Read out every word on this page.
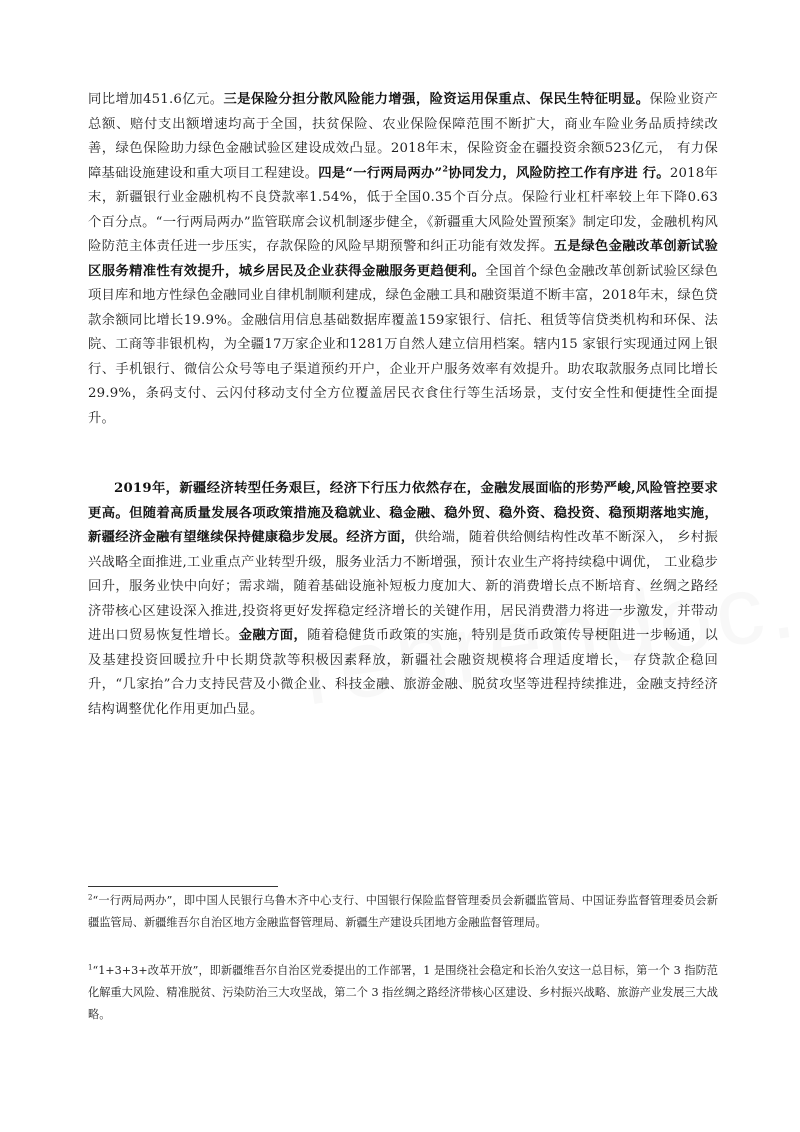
同比增加451.6亿元。三是保险分担分散风险能力增强，险资运用保重点、保民生特征明显。保险业资产总额、赔付支出额增速均高于全国，扶贫保险、农业保险保障范围不断扩大，商业车险业务品质持续改善，绿色保险助力绿色金融试验区建设成效凸显。2018年末，保险资金在疆投资余额523亿元， 有力保障基础设施建设和重大项目工程建设。四是“一行两局两办”$^2$协同发力，风险防控工作有序进 行。2018年末，新疆银行业金融机构不良贷款率1.54%，低于全国0.35个百分点。保险行业杠杆率较上年下降0.63个百分点。“一行两局两办”监管联席会议机制逐步健全，《新疆重大风险处置预案》制定印发，金融机构风险防范主体责任进一步压实，存款保险的风险早期预警和纠正功能有效发挥。五是绿色金融改革创新试验区服务精准性有效提升，城乡居民及企业获得金融服务更趋便利。全国首个绿色金融改革创新试验区绿色项目库和地方性绿色金融同业自律机制顺利建成，绿色金融工具和融资渠道不断丰富，2018年末，绿色贷款余额同比增长19.9%。金融信用信息基础数据库覆盖159家银行、信托、租赁等信贷类机构和环保、法院、工商等非银机构，为全疆17万家企业和1281万自然人建立信用档案。辖内15 家银行实现通过网上银行、手机银行、微信公众号等电子渠道预约开户，企业开户服务效率有效提升。助农取款服务点同比增长29.9%，条码支付、云闪付移动支付全方位覆盖居民衣食住行等生活场景，支付安全性和便捷性全面提升。

2019年，新疆经济转型任务艰巨，经济下行压力依然存在，金融发展面临的形势严峻,风险管控要求更高。但随着高质量发展各项政策措施及稳就业、稳金融、稳外贸、稳外资、稳投资、稳预期落地实施，新疆经济金融有望继续保持健康稳步发展。经济方面，供给端，随着供给侧结构性改革不断深入， 乡村振兴战略全面推进,工业重点产业转型升级，服务业活力不断增强，预计农业生产将持续稳中调优， 工业稳步回升，服务业快中向好；需求端，随着基础设施补短板力度加大、新的消费增长点不断培育、丝绸之路经济带核心区建设深入推进,投资将更好发挥稳定经济增长的关键作用，居民消费潜力将进一步激发，并带动进出口贸易恢复性增长。金融方面，随着稳健货币政策的实施，特别是货币政策传导梗阻进一步畅通，以及基建投资回暖拉升中长期贷款等积极因素释放，新疆社会融资规模将合理适度增长， 存贷款企稳回升，“几家抬”合力支持民营及小微企业、科技金融、旅游金融、脱贫攻坚等进程持续推进，金融支持经济结构调整优化作用更加凸显。

$^2$“一行两局两办”，即中国人民银行乌鲁木齐中心支行、中国银行保险监督管理委员会新疆监管局、中国证券监督管理委员会新疆监管局、新疆维吾尔自治区地方金融监督管理局、新疆生产建设兵团地方金融监督管理局。

$^1$“1+3+3+改革开放”，即新疆维吾尔自治区党委提出的工作部署，1 是围绕社会稳定和长治久安这一总目标，第一个 3 指防范化解重大风险、精准脱贫、污染防治三大攻坚战，第二个 3 指丝绸之路经济带核心区建设、乡村振兴战略、旅游产业发展三大战略。
